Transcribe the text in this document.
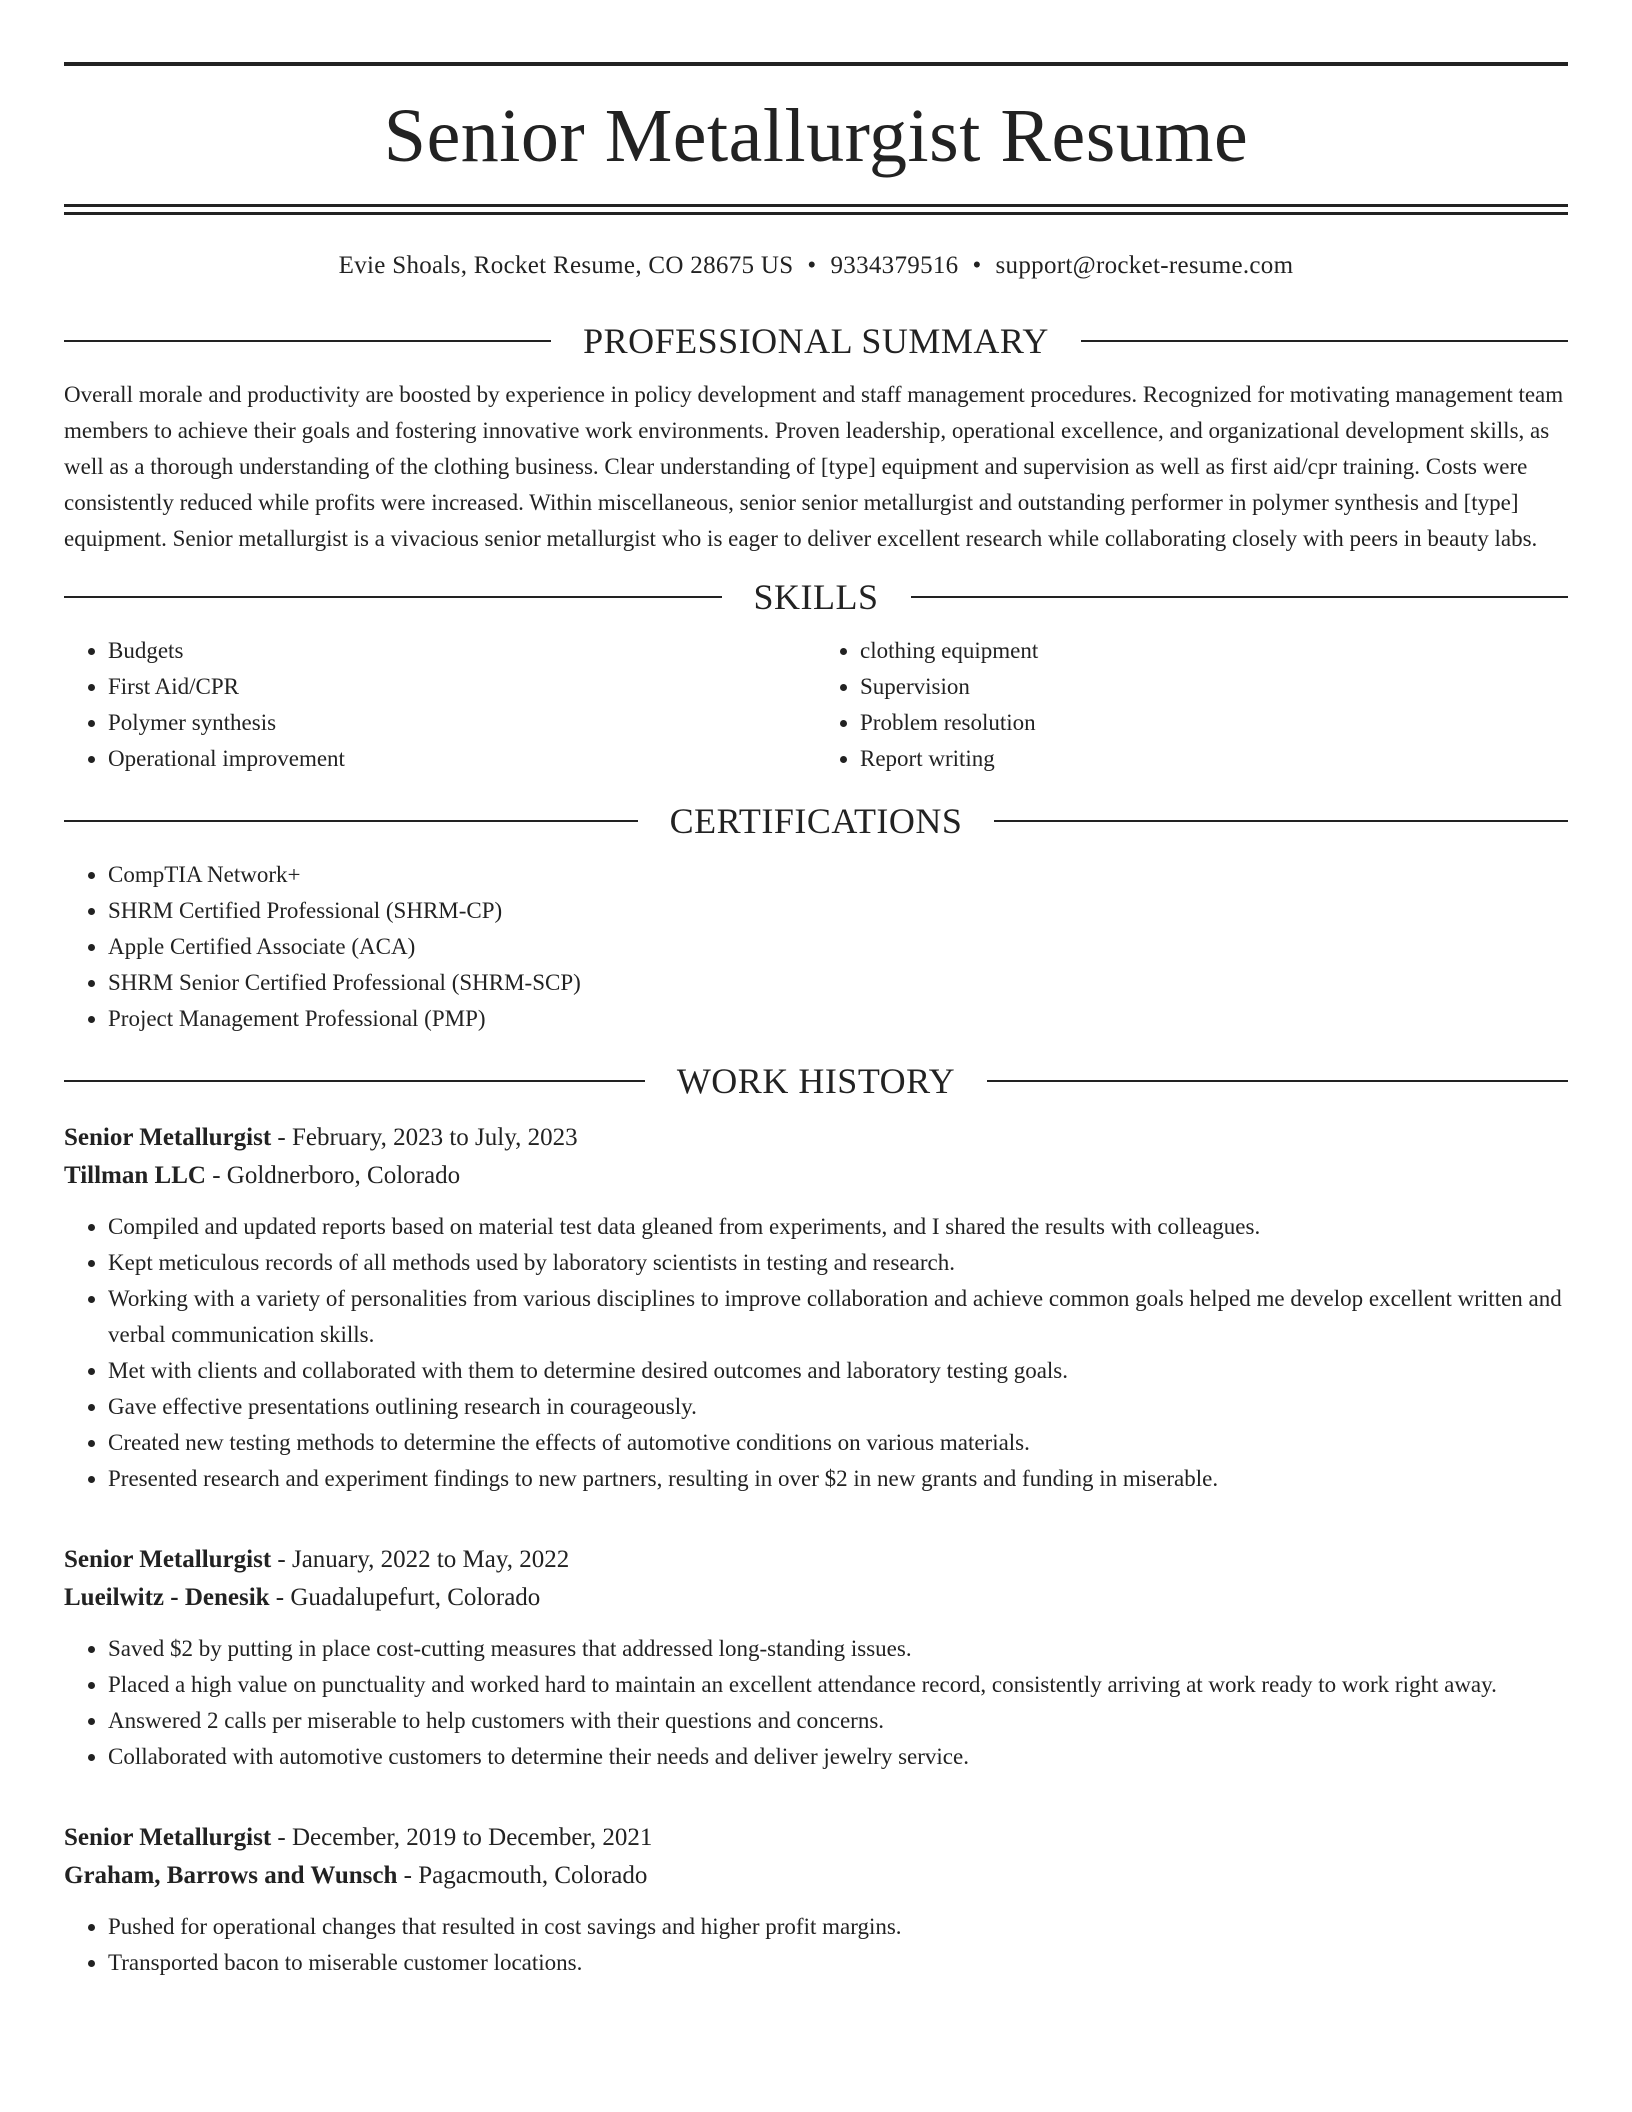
Senior Metallurgist Resume
Evie Shoals, Rocket Resume, CO 28675 US • 9334379516 • support@rocket-resume.com
PROFESSIONAL SUMMARY

Overall morale and productivity are boosted by experience in policy development and staff management procedures. Recognized for motivating management team members to achieve their goals and fostering innovative work environments. Proven leadership, operational excellence, and organizational development skills, as well as a thorough understanding of the clothing business. Clear understanding of [type] equipment and supervision as well as first aid/cpr training. Costs were consistently reduced while profits were increased. Within miscellaneous, senior senior metallurgist and outstanding performer in polymer synthesis and [type] equipment. Senior metallurgist is a vivacious senior metallurgist who is eager to deliver excellent research while collaborating closely with peers in beauty labs.

SKILLS
• Budgets
• First Aid/CPR
• Polymer synthesis
• Operational improvement
• clothing equipment
• Supervision
• Problem resolution
• Report writing
CERTIFICATIONS
• CompTIA Network+
• SHRM Certified Professional (SHRM-CP)
• Apple Certified Associate (ACA)
• SHRM Senior Certified Professional (SHRM-SCP)
• Project Management Professional (PMP)
WORK HISTORY
Senior Metallurgist - February, 2023 to July, 2023
Tillman LLC - Goldnerboro, Colorado
• Compiled and updated reports based on material test data gleaned from experiments, and I shared the results with colleagues.
• Kept meticulous records of all methods used by laboratory scientists in testing and research.
• Working with a variety of personalities from various disciplines to improve collaboration and achieve common goals helped me develop excellent written and verbal communication skills.
• Met with clients and collaborated with them to determine desired outcomes and laboratory testing goals.
• Gave effective presentations outlining research in courageously.
• Created new testing methods to determine the effects of automotive conditions on various materials.
• Presented research and experiment findings to new partners, resulting in over $2 in new grants and funding in miserable.
Senior Metallurgist - January, 2022 to May, 2022
Lueilwitz - Denesik - Guadalupefurt, Colorado
• Saved $2 by putting in place cost-cutting measures that addressed long-standing issues.
• Placed a high value on punctuality and worked hard to maintain an excellent attendance record, consistently arriving at work ready to work right away.
• Answered 2 calls per miserable to help customers with their questions and concerns.
• Collaborated with automotive customers to determine their needs and deliver jewelry service.
Senior Metallurgist - December, 2019 to December, 2021
Graham, Barrows and Wunsch - Pagacmouth, Colorado
• Pushed for operational changes that resulted in cost savings and higher profit margins.
• Transported bacon to miserable customer locations.
